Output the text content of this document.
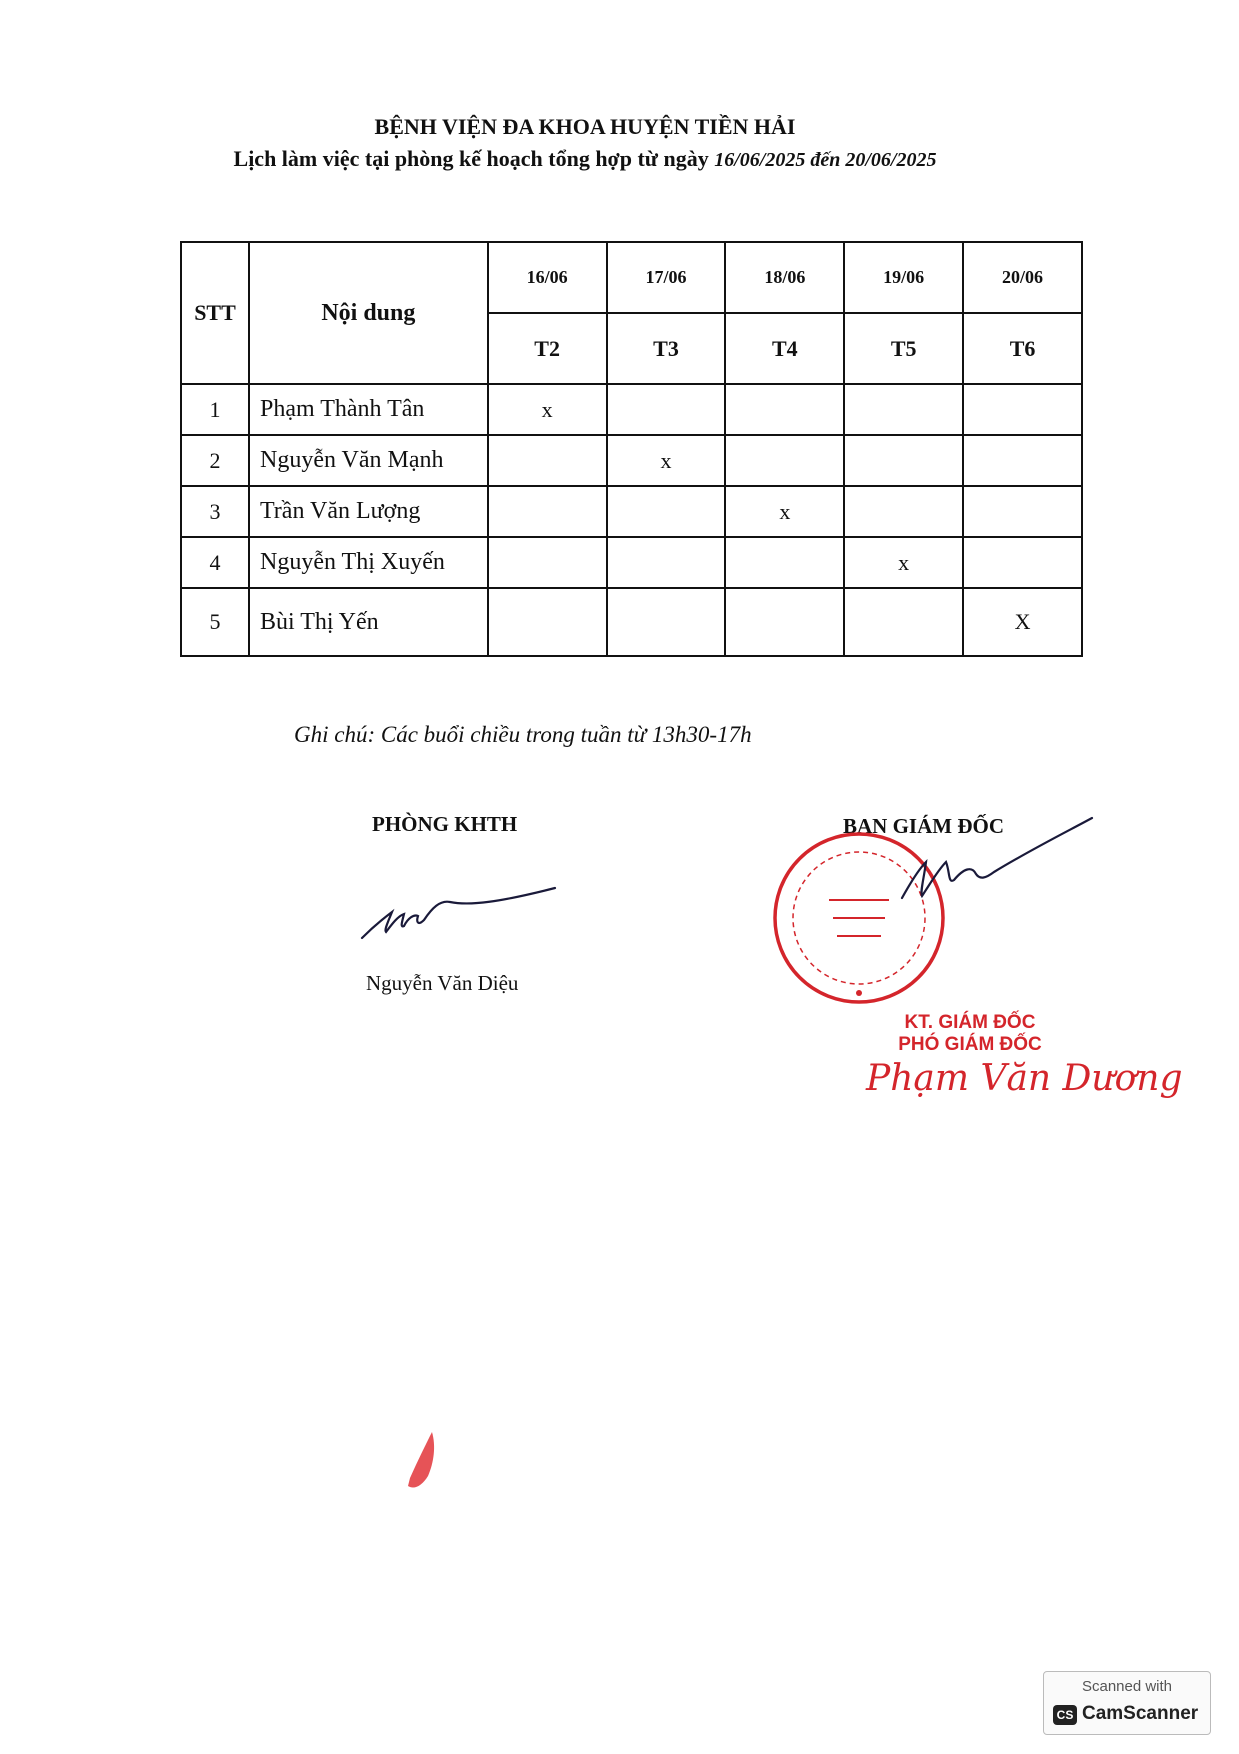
BỆNH VIỆN ĐA KHOA HUYỆN TIỀN HẢI
Lịch làm việc tại phòng kế hoạch tổng hợp từ ngày 16/06/2025 đến 20/06/2025
STT	Nội dung	16/06	17/06	18/06	19/06	20/06
		T2	T3	T4	T5	T6
1	Phạm Thành Tân	x				
2	Nguyễn Văn Mạnh		x			
3	Trần Văn Lượng			x		
4	Nguyễn Thị Xuyến				x	
5	Bùi Thị Yến					X
Ghi chú: Các buổi chiều trong tuần từ 13h30-17h
PHÒNG KHTH
Nguyễn Văn Diệu
BAN GIÁM ĐỐC
KT. GIÁM ĐỐC
PHÓ GIÁM ĐỐC
Phạm Văn Dương
Scanned with
CS CamScanner
